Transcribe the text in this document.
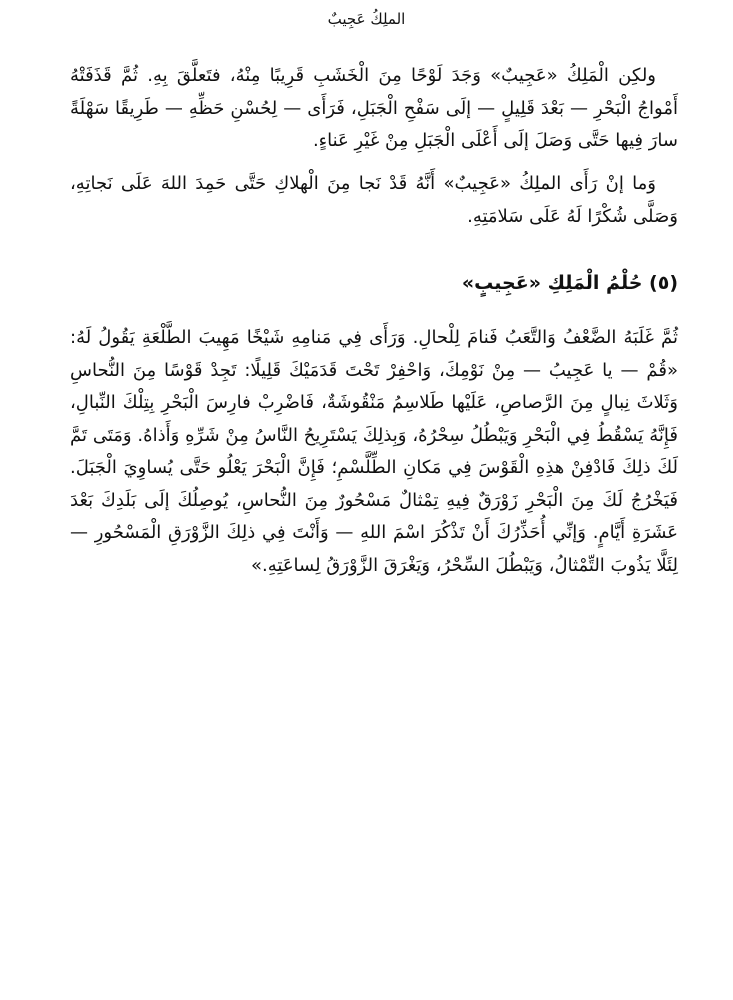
الملِكُ عَجِيبٌ

ولكِن الْمَلِكُ «عَجِيبٌ» وَجَدَ لَوْحًا مِنَ الْخَشَبِ قَرِيبًا مِنْهُ، فتَعلَّقَ بِهِ. ثُمَّ قَذَفَتْهُ أَمْواجُ الْبَحْرِ — بَعْدَ قَلِيلٍ — إلَى سَفْحِ الْجَبَلِ، فَرَأَى — لِحُسْنِ حَظِّهِ — طَرِيقًا سَهْلَةً سارَ فِيها حَتَّى وَصَلَ إلَى أَعْلَى الْجَبَلِ مِنْ غَيْرِ عَناءٍ.

وَما إنْ رَأَى الملِكُ «عَجِيبٌ» أَنَّهُ قَدْ نَجا مِنَ الْهلاكِ حَتَّى حَمِدَ اللهَ عَلَى نَجاتِهِ، وَصَلَّى شُكْرًا لَهُ عَلَى سَلامَتِهِ.

(٥) حُلْمُ الْمَلِكِ «عَجِيبٍ»

ثُمَّ غَلَبَهُ الضَّعْفُ وَالتَّعَبُ فَنامَ لِلْحالِ. وَرَأَى فِي مَنامِهِ شَيْخًا مَهِيبَ الطَّلْعَةِ يَقُولُ لَهُ: «قُمْ — يا عَجِيبُ — مِنْ نَوْمِكَ، وَاحْفِرْ تَحْتَ قَدَمَيْكَ قَلِيلًا: تَجِدْ قَوْسًا مِنَ النُّحاسِ وَثَلاثَ نِبالٍ مِنَ الرَّصاصِ، عَلَيْها طَلاسِمُ مَنْقُوشَةٌ، فَاضْرِبْ فارِسَ الْبَحْرِ بِتِلْكَ النِّبالِ، فَإِنَّهُ يَسْقُطُ فِي الْبَحْرِ وَيَبْطُلُ سِحْرُهُ، وَبِذلِكَ يَسْتَرِيحُ النَّاسُ مِنْ شَرِّهِ وَأَذاهُ. وَمَتَى تَمَّ لَكَ ذلِكَ فَادْفِنْ هذِهِ الْقَوْسَ فِي مَكانِ الطِّلَّسْمِ؛ فَإِنَّ الْبَحْرَ يَعْلُو حَتَّى يُساوِيَ الْجَبَلَ. فَيَخْرُجُ لَكَ مِنَ الْبَحْرِ زَوْرَقٌ فِيهِ تِمْثالٌ مَسْحُورٌ مِنَ النُّحاسِ، يُوصِلُكَ إلَى بَلَدِكَ بَعْدَ عَشَرَةِ أَيَّامٍ. وَإنِّي أُحَذِّرُكَ أَنْ تَذْكُرَ اسْمَ اللهِ — وَأَنْتَ فِي ذلِكَ الزَّوْرَقِ الْمَسْحُورِ — لِئَلَّا يَذُوبَ التِّمْثالُ، وَيَبْطُلَ السِّحْرُ، وَيَغْرَقَ الزَّوْرَقُ لِساعَتِهِ.»
